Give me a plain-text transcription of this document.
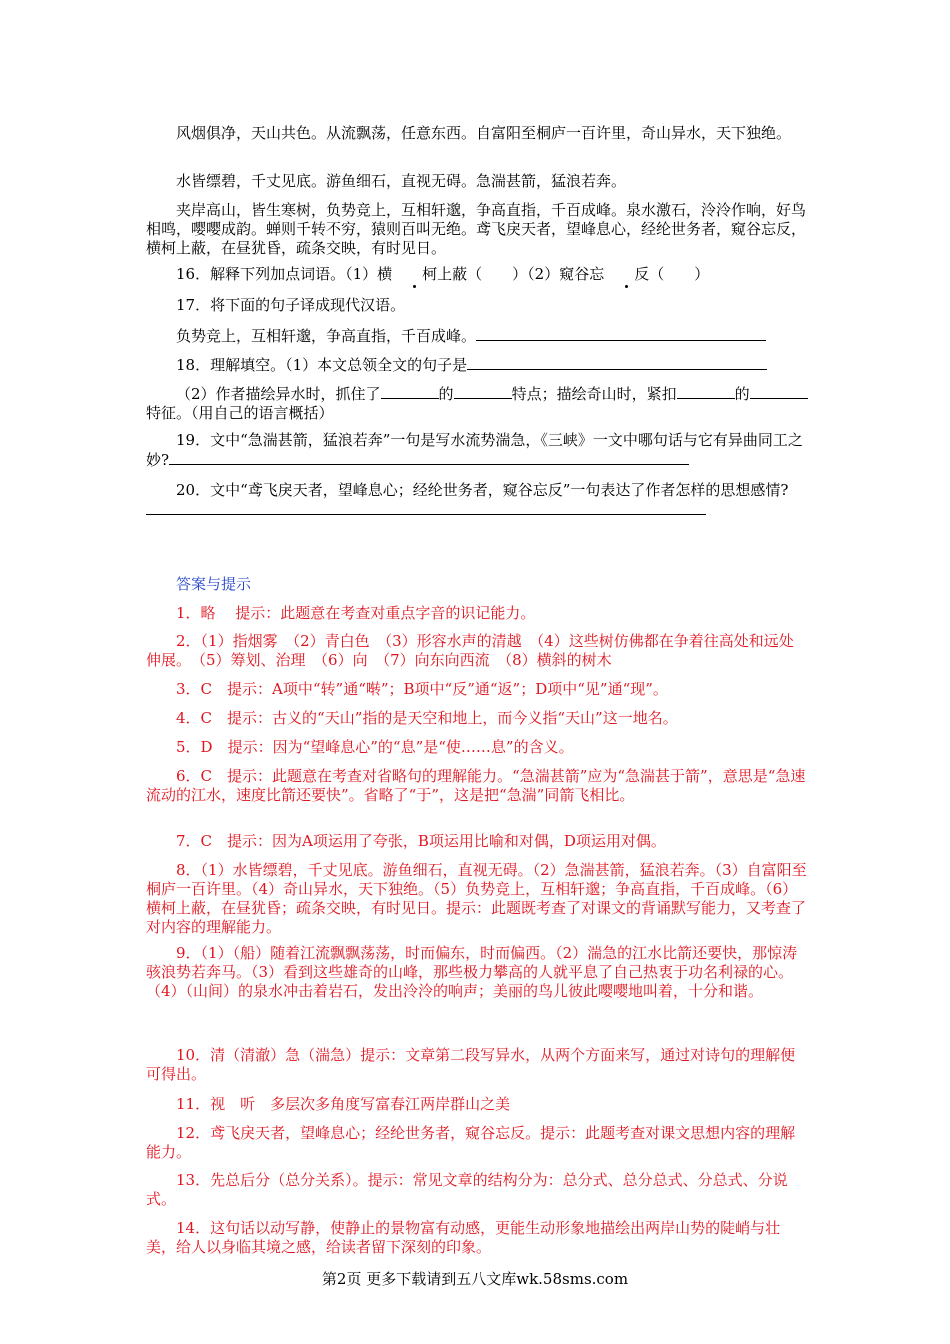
风烟俱净，天山共色。从流飘荡，任意东西。自富阳至桐庐一百许里，奇山异水，天下独绝。

水皆缥碧，千丈见底。游鱼细石，直视无碍。急湍甚箭，猛浪若奔。

夹岸高山，皆生寒树，负势竞上，互相轩邈，争高直指，千百成峰。泉水激石，泠泠作响，好鸟相鸣，嘤嘤成韵。蝉则千转不穷，猿则百叫无绝。鸢飞戾天者，望峰息心，经纶世务者，窥谷忘反，横柯上蔽，在昼犹昏，疏条交映，有时见日。

16．解释下列加点词语。（1）横 柯上蔽（　　）（2）窥谷忘 反（　　）

17．将下面的句子译成现代汉语。

负势竞上，互相轩邈，争高直指，千百成峰。

18．理解填空。（1）本文总领全文的句子是

（2）作者描绘异水时，抓住了	的	特点；描绘奇山时，紧扣	的特征。（用自己的语言概括）

19．文中“急湍甚箭，猛浪若奔”一句是写水流势湍急，《三峡》一文中哪句话与它有异曲同工之妙?

20．文中“鸢飞戾天者，望峰息心；经纶世务者，窥谷忘反”一句表达了作者怎样的思想感情?

答案与提示

1．略　 提示：此题意在考查对重点字音的识记能力。

2．（1）指烟雾　（2）青白色　（3）形容水声的清越　（4）这些树仿佛都在争着往高处和远处伸展。　（5）筹划、治理　（6）向　（7）向东向西流　（8）横斜的树木

3．C　提示：A项中“转”通“啭”；B项中“反”通“返”；D项中“见”通“现”。

4．C　提示：古义的“天山”指的是天空和地上，而今义指“天山”这一地名。

5．D　提示：因为“望峰息心”的“息”是“使……息”的含义。

6．C　提示：此题意在考查对省略句的理解能力。“急湍甚箭”应为“急湍甚于箭”，意思是“急速流动的江水，速度比箭还要快”。省略了“于”，这是把“急湍”同箭飞相比。

7．C　提示：因为A项运用了夸张，B项运用比喻和对偶，D项运用对偶。

8．（1）水皆缥碧，千丈见底。游鱼细石，直视无碍。（2）急湍甚箭，猛浪若奔。（3）自富阳至桐庐一百许里。（4）奇山异水，天下独绝。（5）负势竞上，互相轩邈；争高直指，千百成峰。（6）横柯上蔽，在昼犹昏；疏条交映，有时见日。提示：此题既考查了对课文的背诵默写能力，又考查了对内容的理解能力。

9．（1）（船）随着江流飘飘荡荡，时而偏东，时而偏西。（2）湍急的江水比箭还要快，那惊涛骇浪势若奔马。（3）看到这些雄奇的山峰，那些极力攀高的人就平息了自己热衷于功名利禄的心。（4）（山间）的泉水冲击着岩石，发出泠泠的响声；美丽的鸟儿彼此嘤嘤地叫着，十分和谐。

10．清（清澈）急（湍急）提示：文章第二段写异水，从两个方面来写，通过对诗句的理解便可得出。

11．视　听　多层次多角度写富春江两岸群山之美

12．鸢飞戾天者，望峰息心；经纶世务者，窥谷忘反。提示：此题考查对课文思想内容的理解能力。

13．先总后分（总分关系）。提示：常见文章的结构分为：总分式、总分总式、分总式、分说式。

14．这句话以动写静，使静止的景物富有动感，更能生动形象地描绘出两岸山势的陡峭与壮美，给人以身临其境之感，给读者留下深刻的印象。

第2页 更多下载请到五八文库wk.58sms.com
